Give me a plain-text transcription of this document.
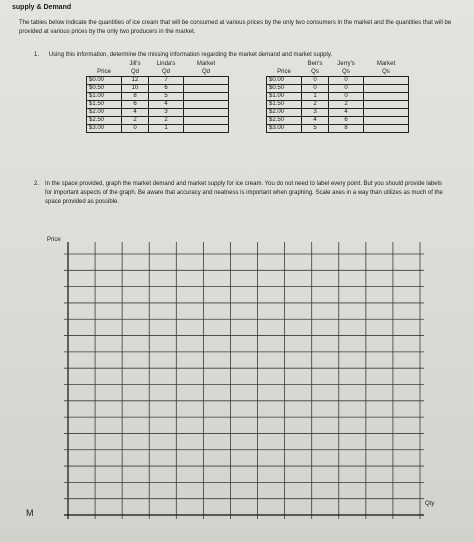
supply & Demand
The tables below indicate the quantities of ice cream that will be consumed at various prices by the only two consumers in the market and the quantities that will be provided at various prices by the only two producers in the market.
1. Using this information, determine the missing information regarding the market demand and market supply.
	Jill's	Linda's	Market
Price	Qd	Qd	Qd
$0.00	12	7	
$0.50	10	6	
$1.00	8	5	
$1.50	6	4	
$2.00	4	3	
$2.50	2	2	
$3.00	0	1	
	Ben's	Jerry's	Market
Price	Qs	Qs	Qs
$0.00	0	0	
$0.50	0	0	
$1.00	1	0	
$1.50	2	2	
$2.00	3	4	
$2.50	4	6	
$3.00	5	8	
2. In the space provided, graph the market demand and market supply for ice cream. You do not need to label every point. But you should provide labels for important aspects of the graph. Be aware that accuracy and neatness is important when graphing. Scale axes in a way than utilizes as much of the space provided as possible.
Price
Qty
M
